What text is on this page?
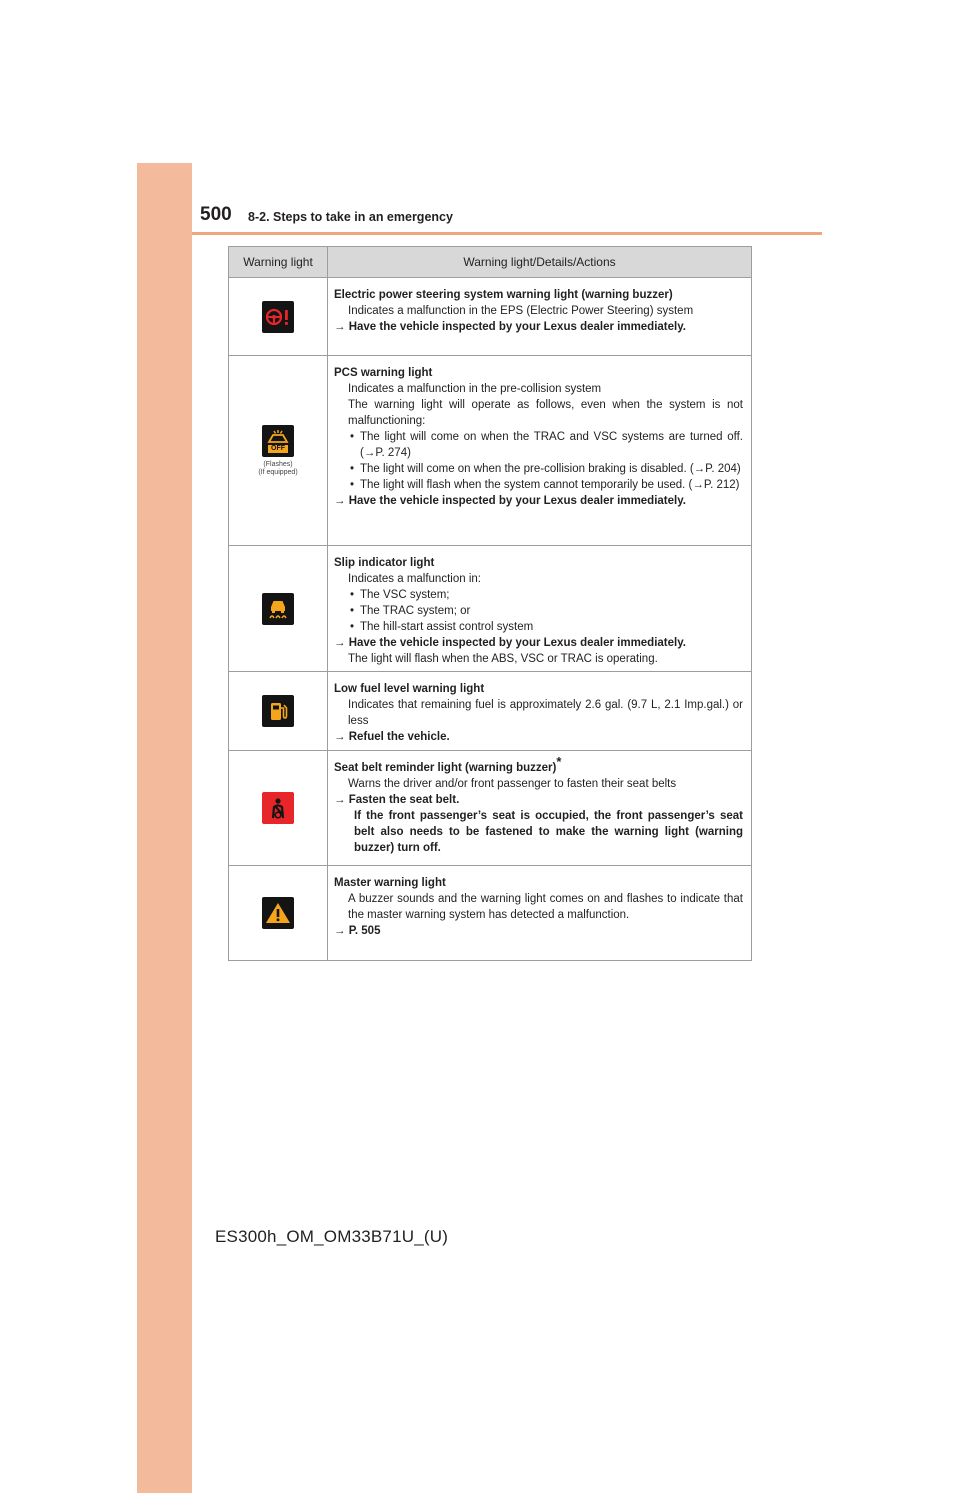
500 8-2. Steps to take in an emergency
Warning light	Warning light/Details/Actions
Electric power steering system warning light (warning buzzer)
Indicates a malfunction in the EPS (Electric Power Steering) system
→ Have the vehicle inspected by your Lexus dealer immediately.
OFF
(Flashes)
(If equipped)
PCS warning light
Indicates a malfunction in the pre-collision system
The warning light will operate as follows, even when the system is not malfunctioning:
• The light will come on when the TRAC and VSC systems are turned off. (→P. 274)
• The light will come on when the pre-collision braking is disabled. (→P. 204)
• The light will flash when the system cannot temporarily be used. (→P. 212)
→ Have the vehicle inspected by your Lexus dealer immediately.
Slip indicator light
Indicates a malfunction in:
• The VSC system;
• The TRAC system; or
• The hill-start assist control system
→ Have the vehicle inspected by your Lexus dealer immediately.
The light will flash when the ABS, VSC or TRAC is operating.
Low fuel level warning light
Indicates that remaining fuel is approximately 2.6 gal. (9.7 L, 2.1 Imp.gal.) or less
→ Refuel the vehicle.
Seat belt reminder light (warning buzzer)*
Warns the driver and/or front passenger to fasten their seat belts
→ Fasten the seat belt.
If the front passenger’s seat is occupied, the front passenger’s seat belt also needs to be fastened to make the warning light (warning buzzer) turn off.
Master warning light
A buzzer sounds and the warning light comes on and flashes to indicate that the master warning system has detected a malfunction.
→ P. 505
ES300h_OM_OM33B71U_(U)
